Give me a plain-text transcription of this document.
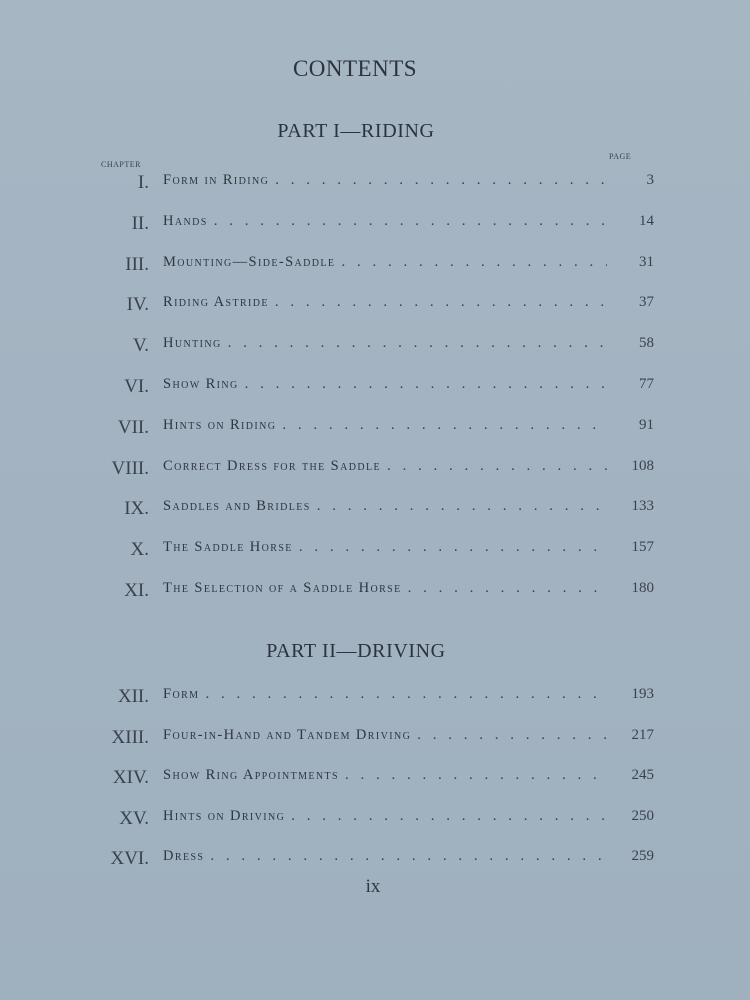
CONTENTS
PART I—RIDING
CHAPTER
PAGE
I. Form in Riding . . .	3
II. Hands . . .	14
III. Mounting—Side-Saddle . . .	31
IV. Riding Astride . . .	37
V. Hunting . . .	58
VI. Show Ring . . .	77
VII. Hints on Riding . . .	91
VIII. Correct Dress for the Saddle . . .	108
IX. Saddles and Bridles . . .	133
X. The Saddle Horse . . .	157
XI. The Selection of a Saddle Horse . . .	180
PART II—DRIVING
XII. Form . . .	193
XIII. Four-in-Hand and Tandem Driving . . .	217
XIV. Show Ring Appointments . . .	245
XV. Hints on Driving . . .	250
XVI. Dress . . .	259
ix
